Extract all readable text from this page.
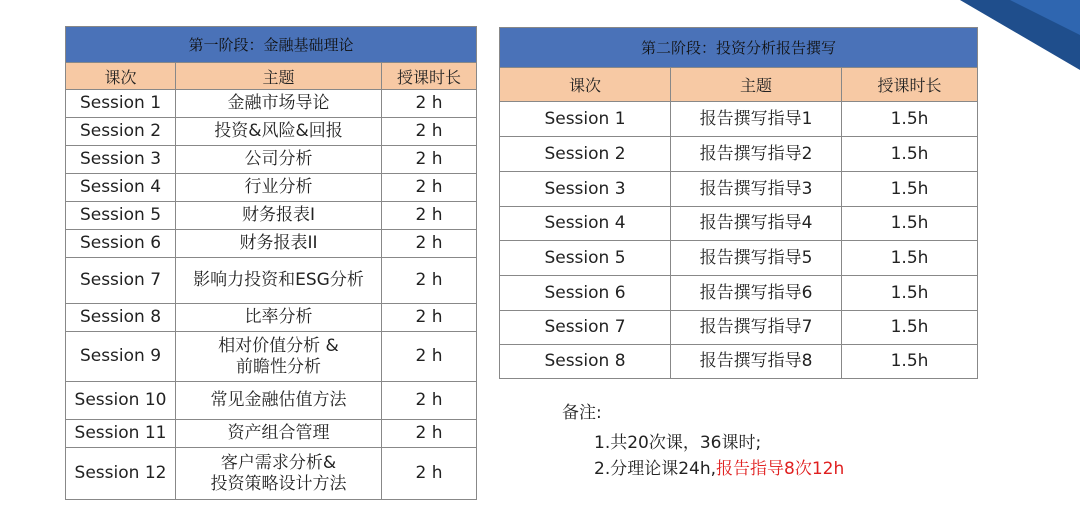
第一阶段：金融基础理论		
课次	主题	授课时长
Session 1	金融市场导论	2 h
Session 2	投资&风险&回报	2 h
Session 3	公司分析	2 h
Session 4	行业分析	2 h
Session 5	财务报表I	2 h
Session 6	财务报表II	2 h
Session 7	影响力投资和ESG分析	2 h
Session 8	比率分析	2 h
Session 9	相对价值分析 &
前瞻性分析	2 h
Session 10	常见金融估值方法	2 h
Session 11	资产组合管理	2 h
Session 12	客户需求分析&
投资策略设计方法	2 h
第二阶段：投资分析报告撰写		
课次	主题	授课时长
Session 1	报告撰写指导1	1.5h
Session 2	报告撰写指导2	1.5h
Session 3	报告撰写指导3	1.5h
Session 4	报告撰写指导4	1.5h
Session 5	报告撰写指导5	1.5h
Session 6	报告撰写指导6	1.5h
Session 7	报告撰写指导7	1.5h
Session 8	报告撰写指导8	1.5h
备注:
1.共20次课，36课时;
2.分理论课24h,报告指导8次12h
